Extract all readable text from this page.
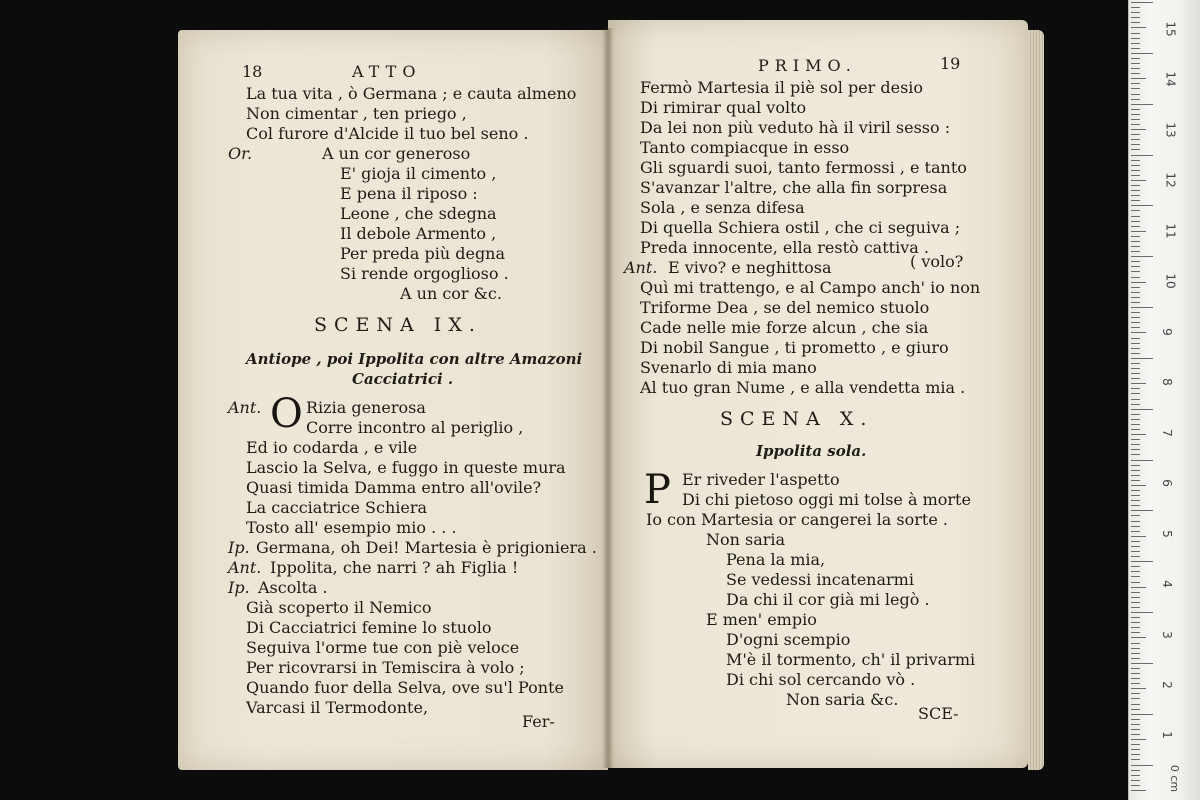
18	ATTO
La tua vita , ò Germana ; e cauta almeno
Non cimentar , ten priego ,
Col furore d'Alcide il tuo bel seno .
Or.	A un cor generoso
E' gioja il cimento ,
E pena il riposo :
Leone , che sdegna
Il debole Armento ,
Per preda più degna
Si rende orgoglioso .
A un cor &c.
SCENA IX.
Antiope , poi Ippolita con altre Amazoni
Cacciatrici .
Ant. O Rizia generosa
Corre incontro al periglio ,
Ed io codarda , e vile
Lascio la Selva, e fuggo in queste mura
Quasi timida Damma entro all'ovile?
La cacciatrice Schiera
Tosto all' esempio mio . . .
Ip. Germana, oh Dei! Martesia è prigioniera .
Ant. Ippolita, che narri ? ah Figlia !
Ip. Ascolta .
Già scoperto il Nemico
Di Cacciatrici femine lo stuolo
Seguiva l'orme tue con piè veloce
Per ricovrarsi in Temiscira à volo ;
Quando fuor della Selva, ove su'l Ponte
Varcasi il Termodonte,
Fer-
PRIMO.	19
Fermò Martesia il piè sol per desio
Di rimirar qual volto
Da lei non più veduto hà il viril sesso :
Tanto compiacque in esso
Gli sguardi suoi, tanto fermossi , e tanto
S'avanzar l'altre, che alla fin sorpresa
Sola , e senza difesa
Di quella Schiera ostil , che ci seguiva ;
Preda innocente, ella restò cattiva .
Ant. E vivo? e neghittosa	( volo?
Quì mi trattengo, e al Campo anch' io non
Triforme Dea , se del nemico stuolo
Cade nelle mie forze alcun , che sia
Di nobil Sangue , ti prometto , e giuro
Svenarlo di mia mano
Al tuo gran Nume , e alla vendetta mia .
SCENA X.
Ippolita sola.
P Er riveder l'aspetto
Di chi pietoso oggi mi tolse à morte
Io con Martesia or cangerei la sorte .
Non saria
Pena la mia,
Se vedessi incatenarmi
Da chi il cor già mi legò .
E men' empio
D'ogni scempio
M'è il tormento, ch' il privarmi
Di chi sol cercando vò .
Non saria &c.
SCE-
15
14
13
12
11
10
9
8
7
6
5
4
3
2
1
0 cm
